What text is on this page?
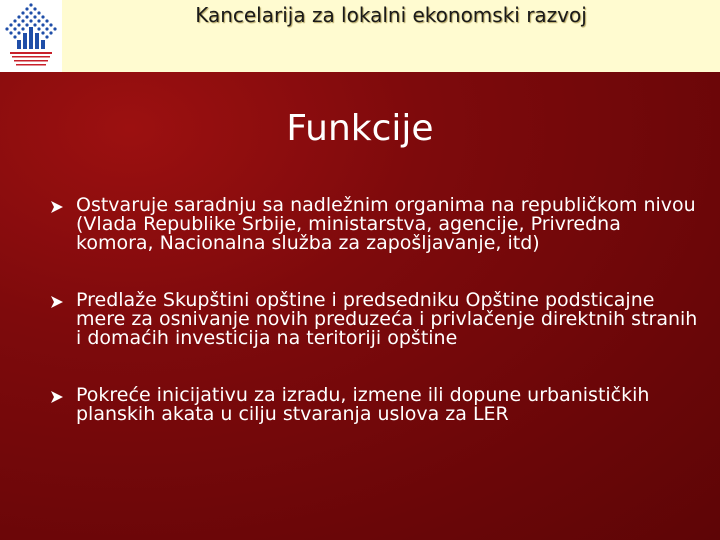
Kancelarija za lokalni ekonomski razvoj
Funkcije
Ostvaruje saradnju sa nadležnim organima na republičkom nivou (Vlada Republike Srbije, ministarstva, agencije, Privredna komora, Nacionalna služba za zapošljavanje, itd)
Predlaže Skupštini opštine i predsedniku Opštine podsticajne mere za osnivanje novih preduzeća i privlačenje direktnih stranih i domaćih investicija na teritoriji opštine
Pokreće inicijativu za izradu, izmene ili dopune urbanističkih planskih akata u cilju stvaranja uslova za LER
